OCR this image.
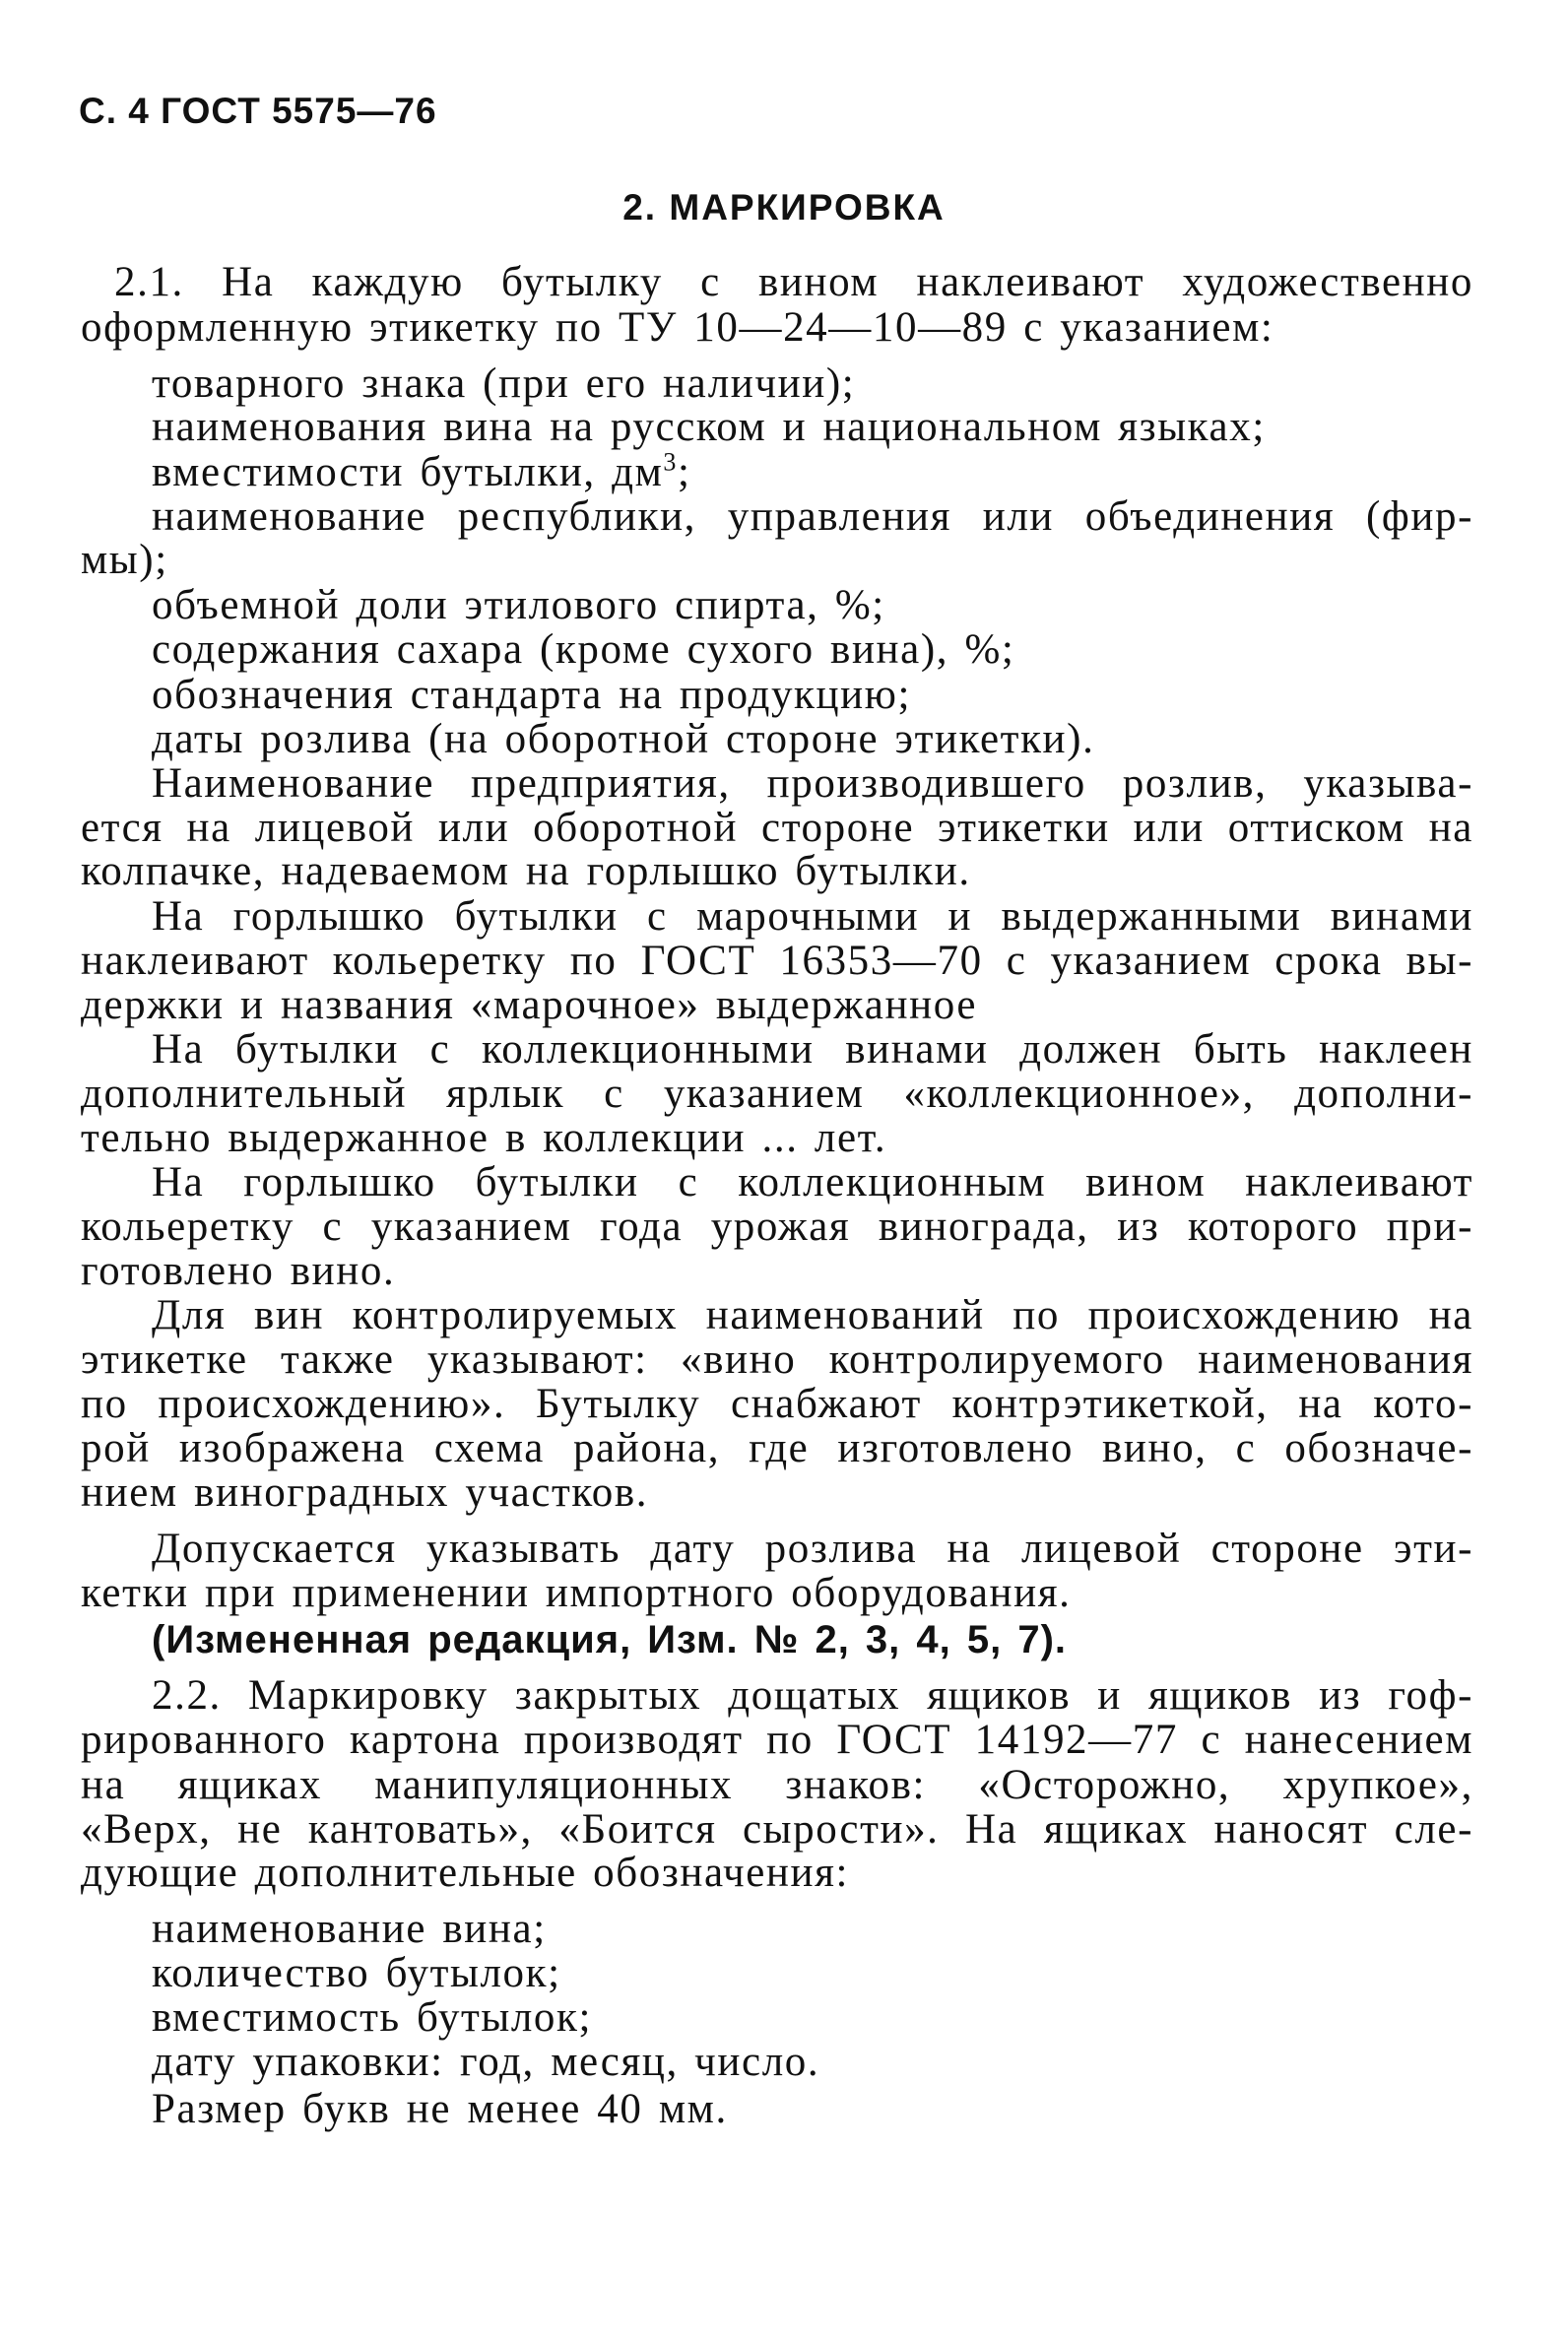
С. 4 ГОСТ 5575—76
2. МАРКИРОВКА
2.1. На каждую бутылку с вином наклеивают художественно
оформленную этикетку по ТУ 10—24—10—89 с указанием:
товарного знака (при его наличии);
наименования вина на русском и национальном языках;
вместимости бутылки, $дм^3$;
наименование республики, управления или объединения (фир-
мы);
объемной доли этилового спирта, %;
содержания сахара (кроме сухого вина), %;
обозначения стандарта на продукцию;
даты розлива (на оборотной стороне этикетки).
Наименование предприятия, производившего розлив, указыва-
ется на лицевой или оборотной стороне этикетки или оттиском на
колпачке, надеваемом на горлышко бутылки.
На горлышко бутылки с марочными и выдержанными винами
наклеивают кольеретку по ГОСТ 16353—70 с указанием срока вы-
держки и названия «марочное» выдержанное
На бутылки с коллекционными винами должен быть наклеен
дополнительный ярлык с указанием «коллекционное», дополни-
тельно выдержанное в коллекции ... лет.
На горлышко бутылки с коллекционным вином наклеивают
кольеретку с указанием года урожая винограда, из которого при-
готовлено вино.
Для вин контролируемых наименований по происхождению на
этикетке также указывают: «вино контролируемого наименования
по происхождению». Бутылку снабжают контрэтикеткой, на кото-
рой изображена схема района, где изготовлено вино, с обозначе-
нием виноградных участков.
Допускается указывать дату розлива на лицевой стороне эти-
кетки при применении импортного оборудования.
(Измененная редакция, Изм. № 2, 3, 4, 5, 7).
2.2. Маркировку закрытых дощатых ящиков и ящиков из гоф-
рированного картона производят по ГОСТ 14192—77 с нанесением
на ящиках манипуляционных знаков: «Осторожно, хрупкое»,
«Верх, не кантовать», «Боится сырости». На ящиках наносят сле-
дующие дополнительные обозначения:
наименование вина;
количество бутылок;
вместимость бутылок;
дату упаковки: год, месяц, число.
Размер букв не менее 40 мм.
